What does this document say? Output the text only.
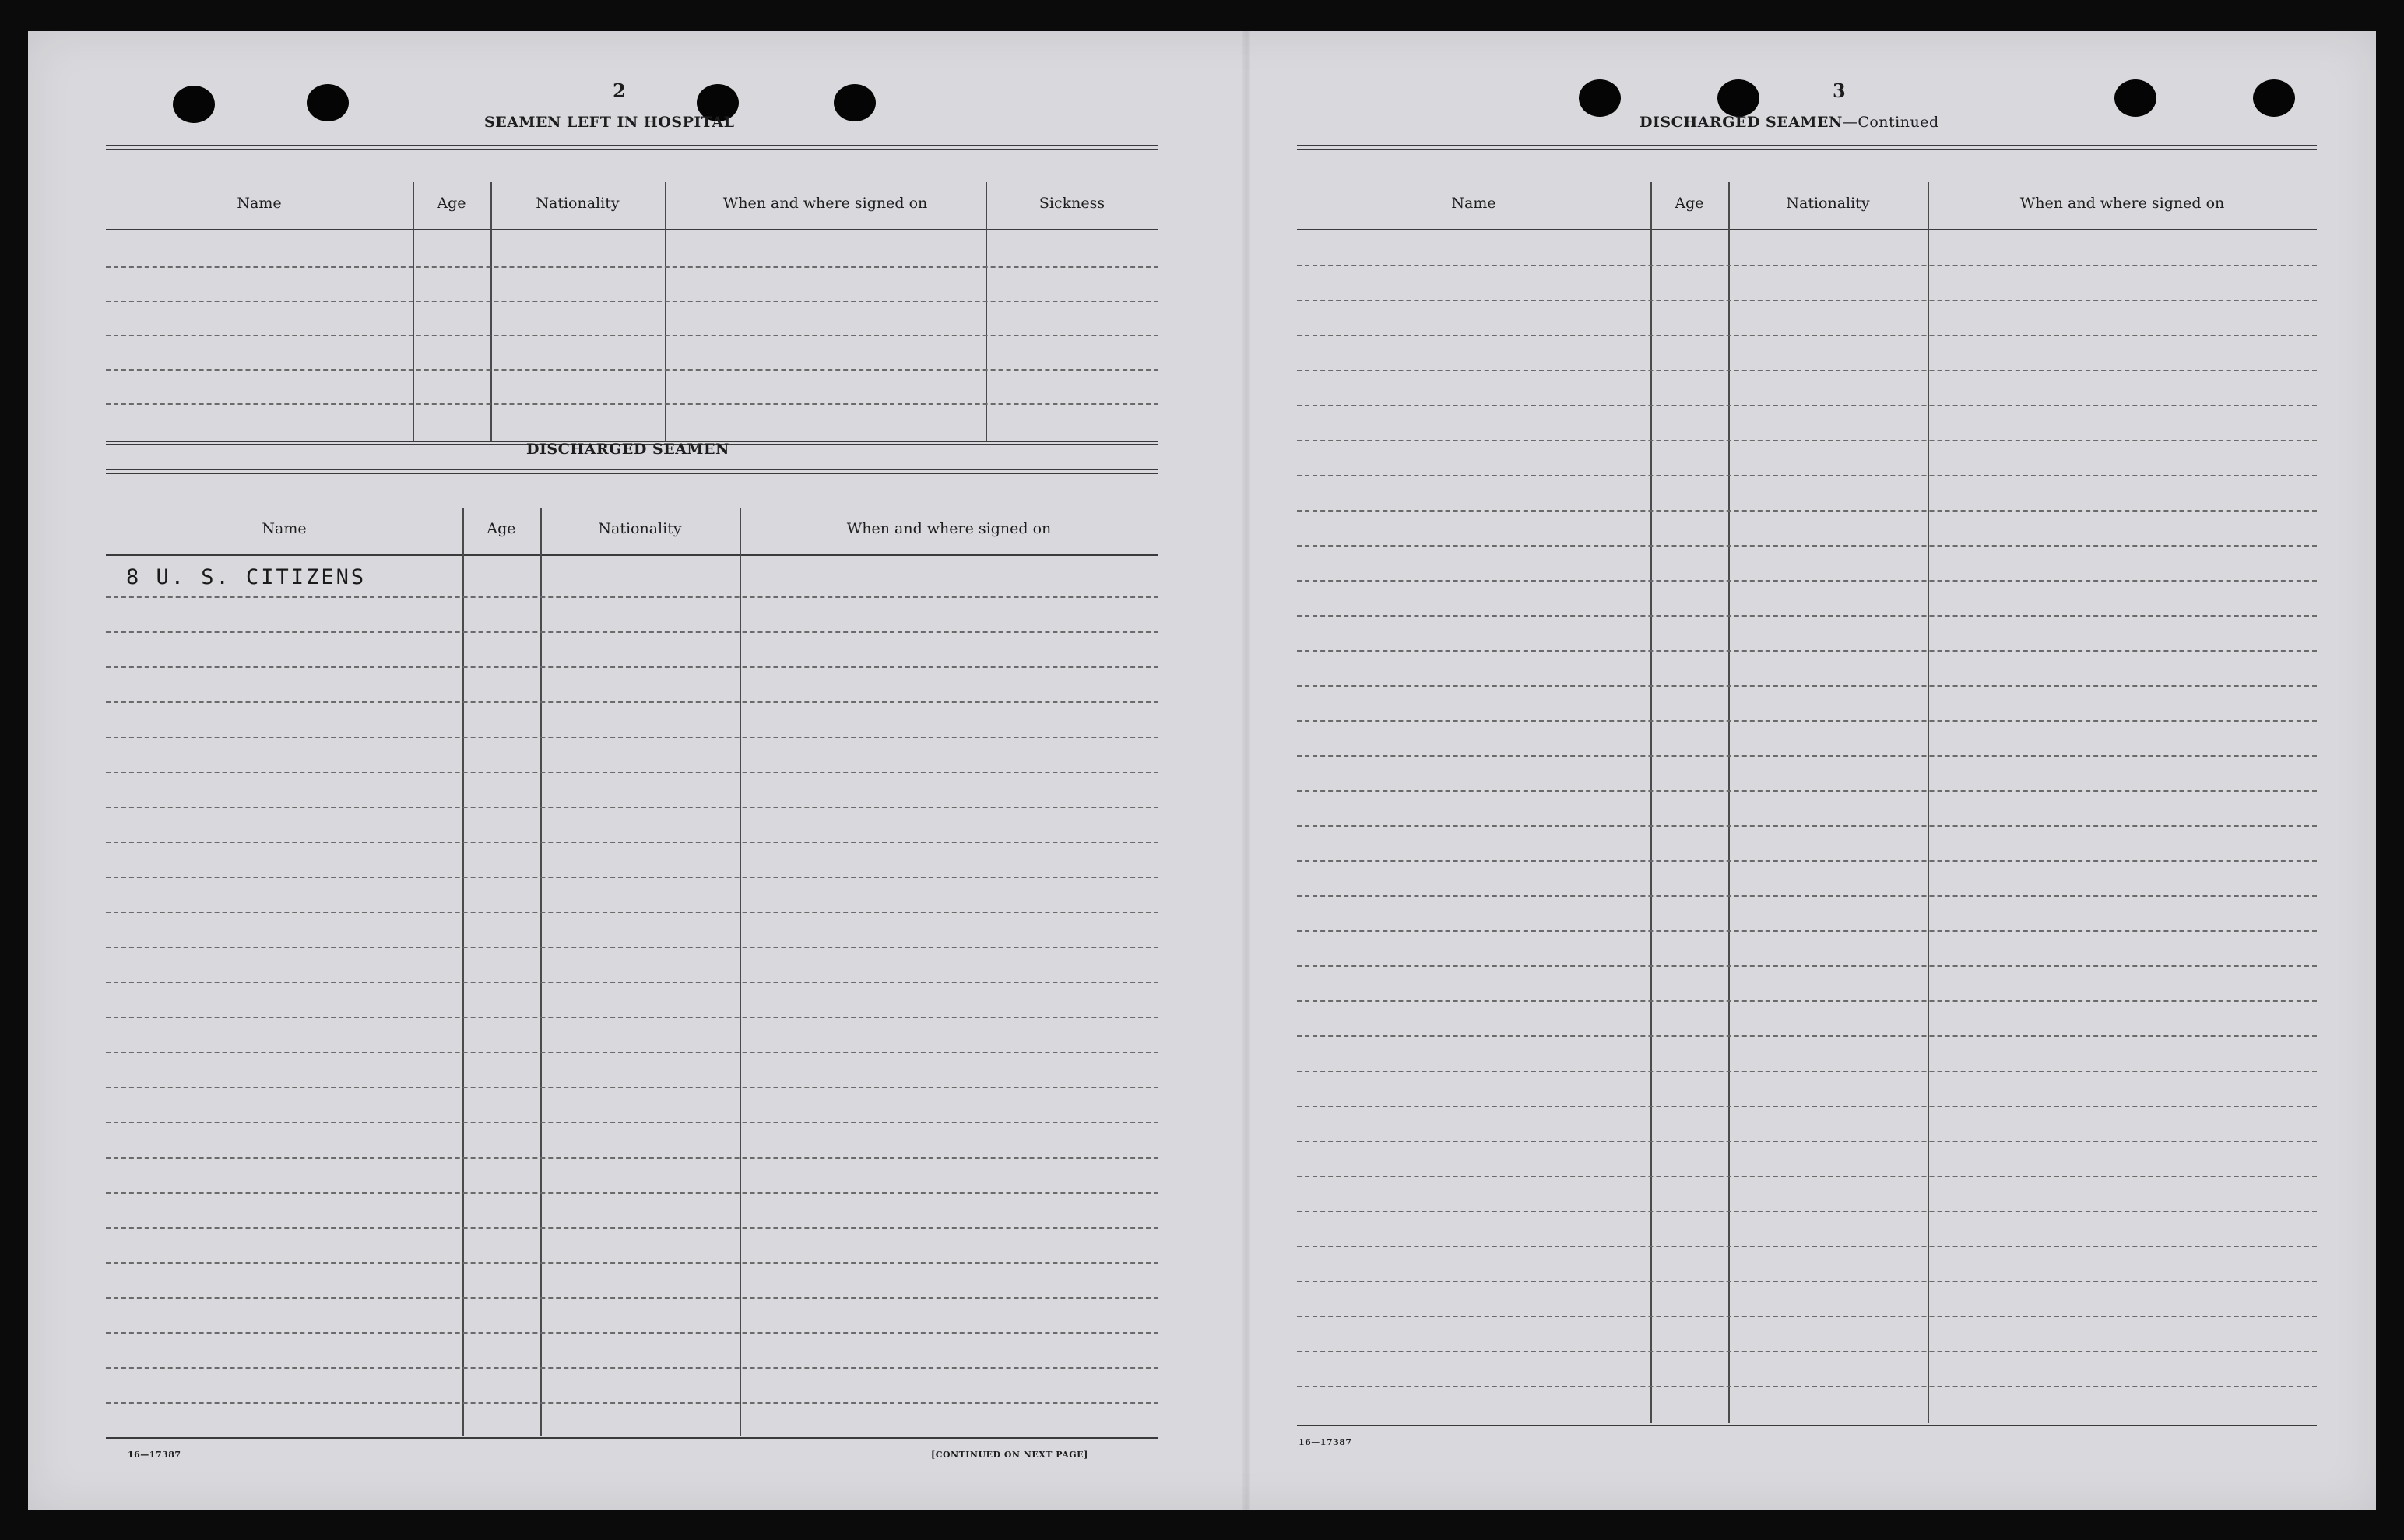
2
SEAMEN LEFT IN HOSPITAL
Name	Age	Nationality	When and where signed on	Sickness
DISCHARGED SEAMEN
Name	Age	Nationality	When and where signed on
8 U. S. CITIZENS
16—17387	[CONTINUED ON NEXT PAGE]
3
DISCHARGED SEAMEN—Continued
Name	Age	Nationality	When and where signed on
16—17387
